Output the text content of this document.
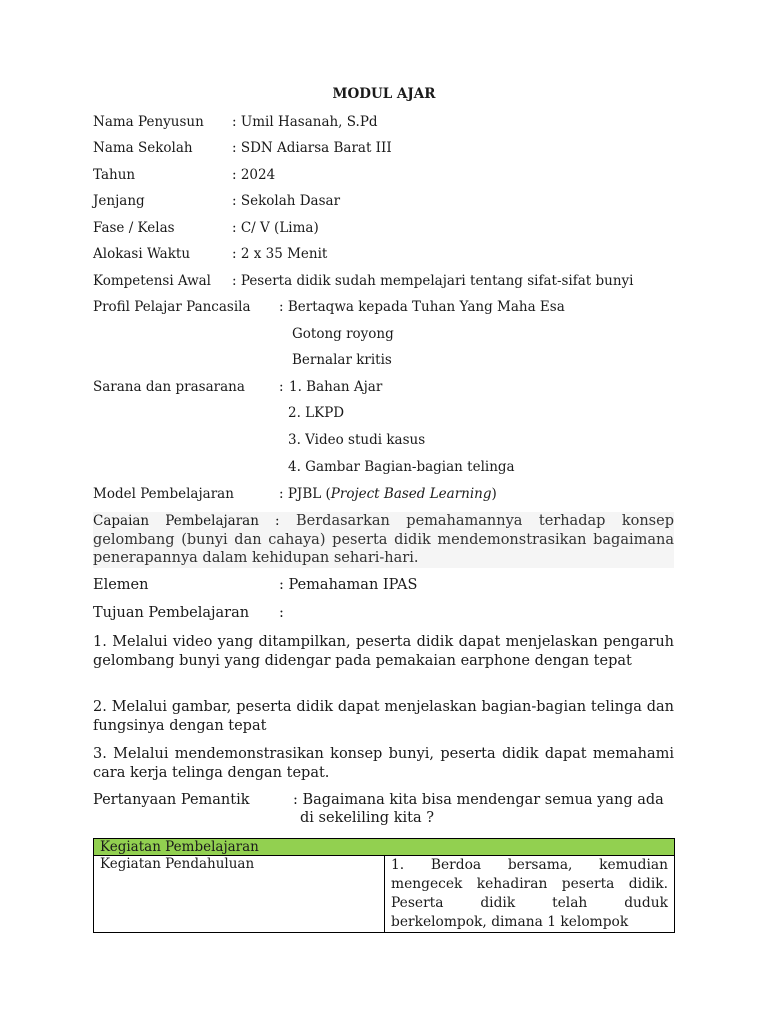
MODUL AJAR
Nama Penyusun : Umil Hasanah, S.Pd
Nama Sekolah	: SDN Adiarsa Barat III
Tahun	: 2024
Jenjang	: Sekolah Dasar
Fase / Kelas	: C/ V (Lima)
Alokasi Waktu	: 2 x 35 Menit
Kompetensi Awal : Peserta didik sudah mempelajari tentang sifat-sifat bunyi
Profil Pelajar Pancasila : Bertaqwa kepada Tuhan Yang Maha Esa
Gotong royong
Bernalar kritis
Sarana dan prasarana	: 1. Bahan Ajar
2. LKPD
3. Video studi kasus
4. Gambar Bagian-bagian telinga
Model Pembelajaran	: PJBL (Project Based Learning)
Capaian Pembelajaran : Berdasarkan pemahamannya terhadap konsep gelombang (bunyi dan cahaya) peserta didik mendemonstrasikan bagaimana penerapannya dalam kehidupan sehari-hari.
Elemen	: Pemahaman IPAS
Tujuan Pembelajaran :
1. Melalui video yang ditampilkan, peserta didik dapat menjelaskan pengaruh gelombang bunyi yang didengar pada pemakaian earphone dengan tepat
2. Melalui gambar, peserta didik dapat menjelaskan bagian-bagian telinga dan fungsinya dengan tepat
3. Melalui mendemonstrasikan konsep bunyi, peserta didik dapat memahami cara kerja telinga dengan tepat.
Pertanyaan Pemantik	: Bagaimana kita bisa mendengar semua yang ada
di sekeliling kita ?
Kegiatan Pembelajaran
Kegiatan Pendahuluan	1. Berdoa bersama, kemudian mengecek kehadiran peserta didik. Peserta didik telah duduk berkelompok, dimana 1 kelompok
